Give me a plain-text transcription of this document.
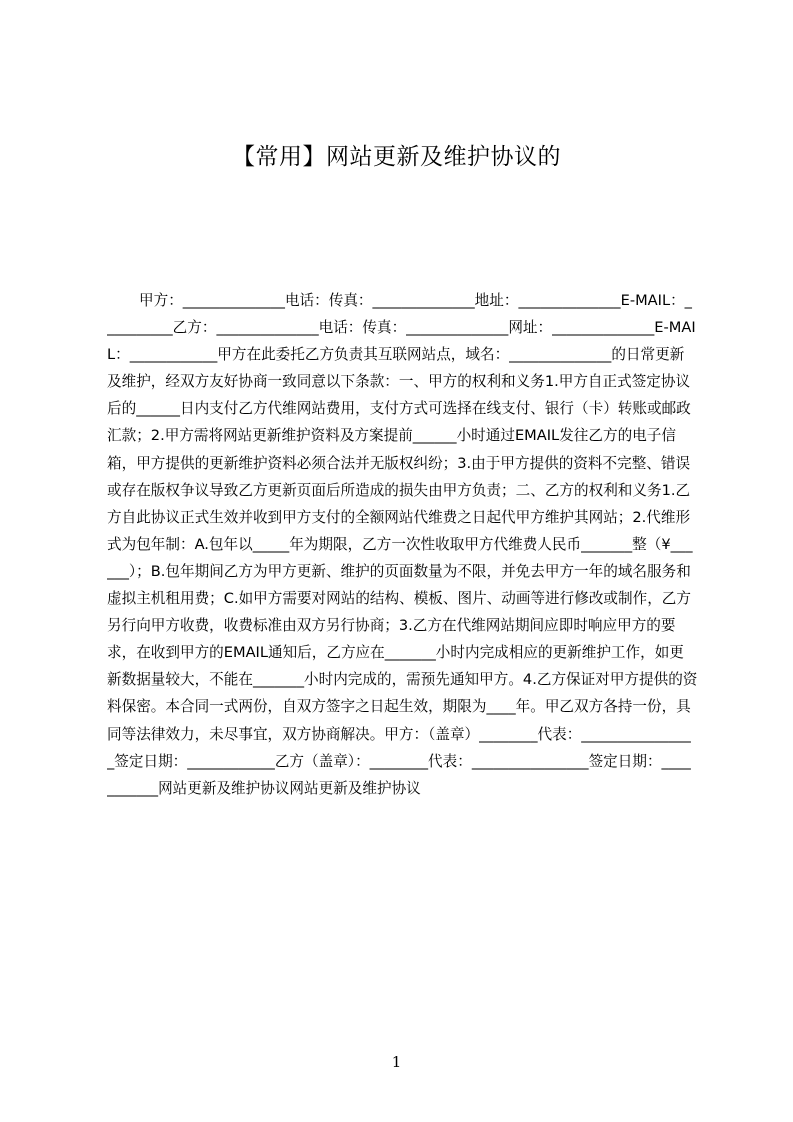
【常用】网站更新及维护协议的

甲方：______________电话：传真：______________地址：______________E-MAIL：__________乙方：______________电话：传真：______________网址：______________E-MAIL：____________甲方在此委托乙方负责其互联网站点，域名：______________的日常更新及维护，经双方友好协商一致同意以下条款：一、甲方的权利和义务1.甲方自正式签定协议后的______日内支付乙方代维网站费用，支付方式可选择在线支付、银行（卡）转账或邮政汇款；2.甲方需将网站更新维护资料及方案提前______小时通过EMAIL发往乙方的电子信箱，甲方提供的更新维护资料必须合法并无版权纠纷；3.由于甲方提供的资料不完整、错误或存在版权争议导致乙方更新页面后所造成的损失由甲方负责；二、乙方的权利和义务1.乙方自此协议正式生效并收到甲方支付的全额网站代维费之日起代甲方维护其网站；2.代维形式为包年制：A.包年以_____年为期限，乙方一次性收取甲方代维费人民币_______整（¥______）；B.包年期间乙方为甲方更新、维护的页面数量为不限，并免去甲方一年的域名服务和虚拟主机租用费；C.如甲方需要对网站的结构、模板、图片、动画等进行修改或制作，乙方另行向甲方收费，收费标准由双方另行协商；3.乙方在代维网站期间应即时响应甲方的要求，在收到甲方的EMAIL通知后，乙方应在_______小时内完成相应的更新维护工作，如更新数据量较大，不能在_______小时内完成的，需预先通知甲方。4.乙方保证对甲方提供的资料保密。本合同一式两份，自双方签字之日起生效，期限为____年。甲乙双方各持一份，具同等法律效力，未尽事宜，双方协商解决。甲方：（盖章）________代表：________________签定日期：____________乙方（盖章）：________代表：________________签定日期：___________网站更新及维护协议网站更新及维护协议

1
